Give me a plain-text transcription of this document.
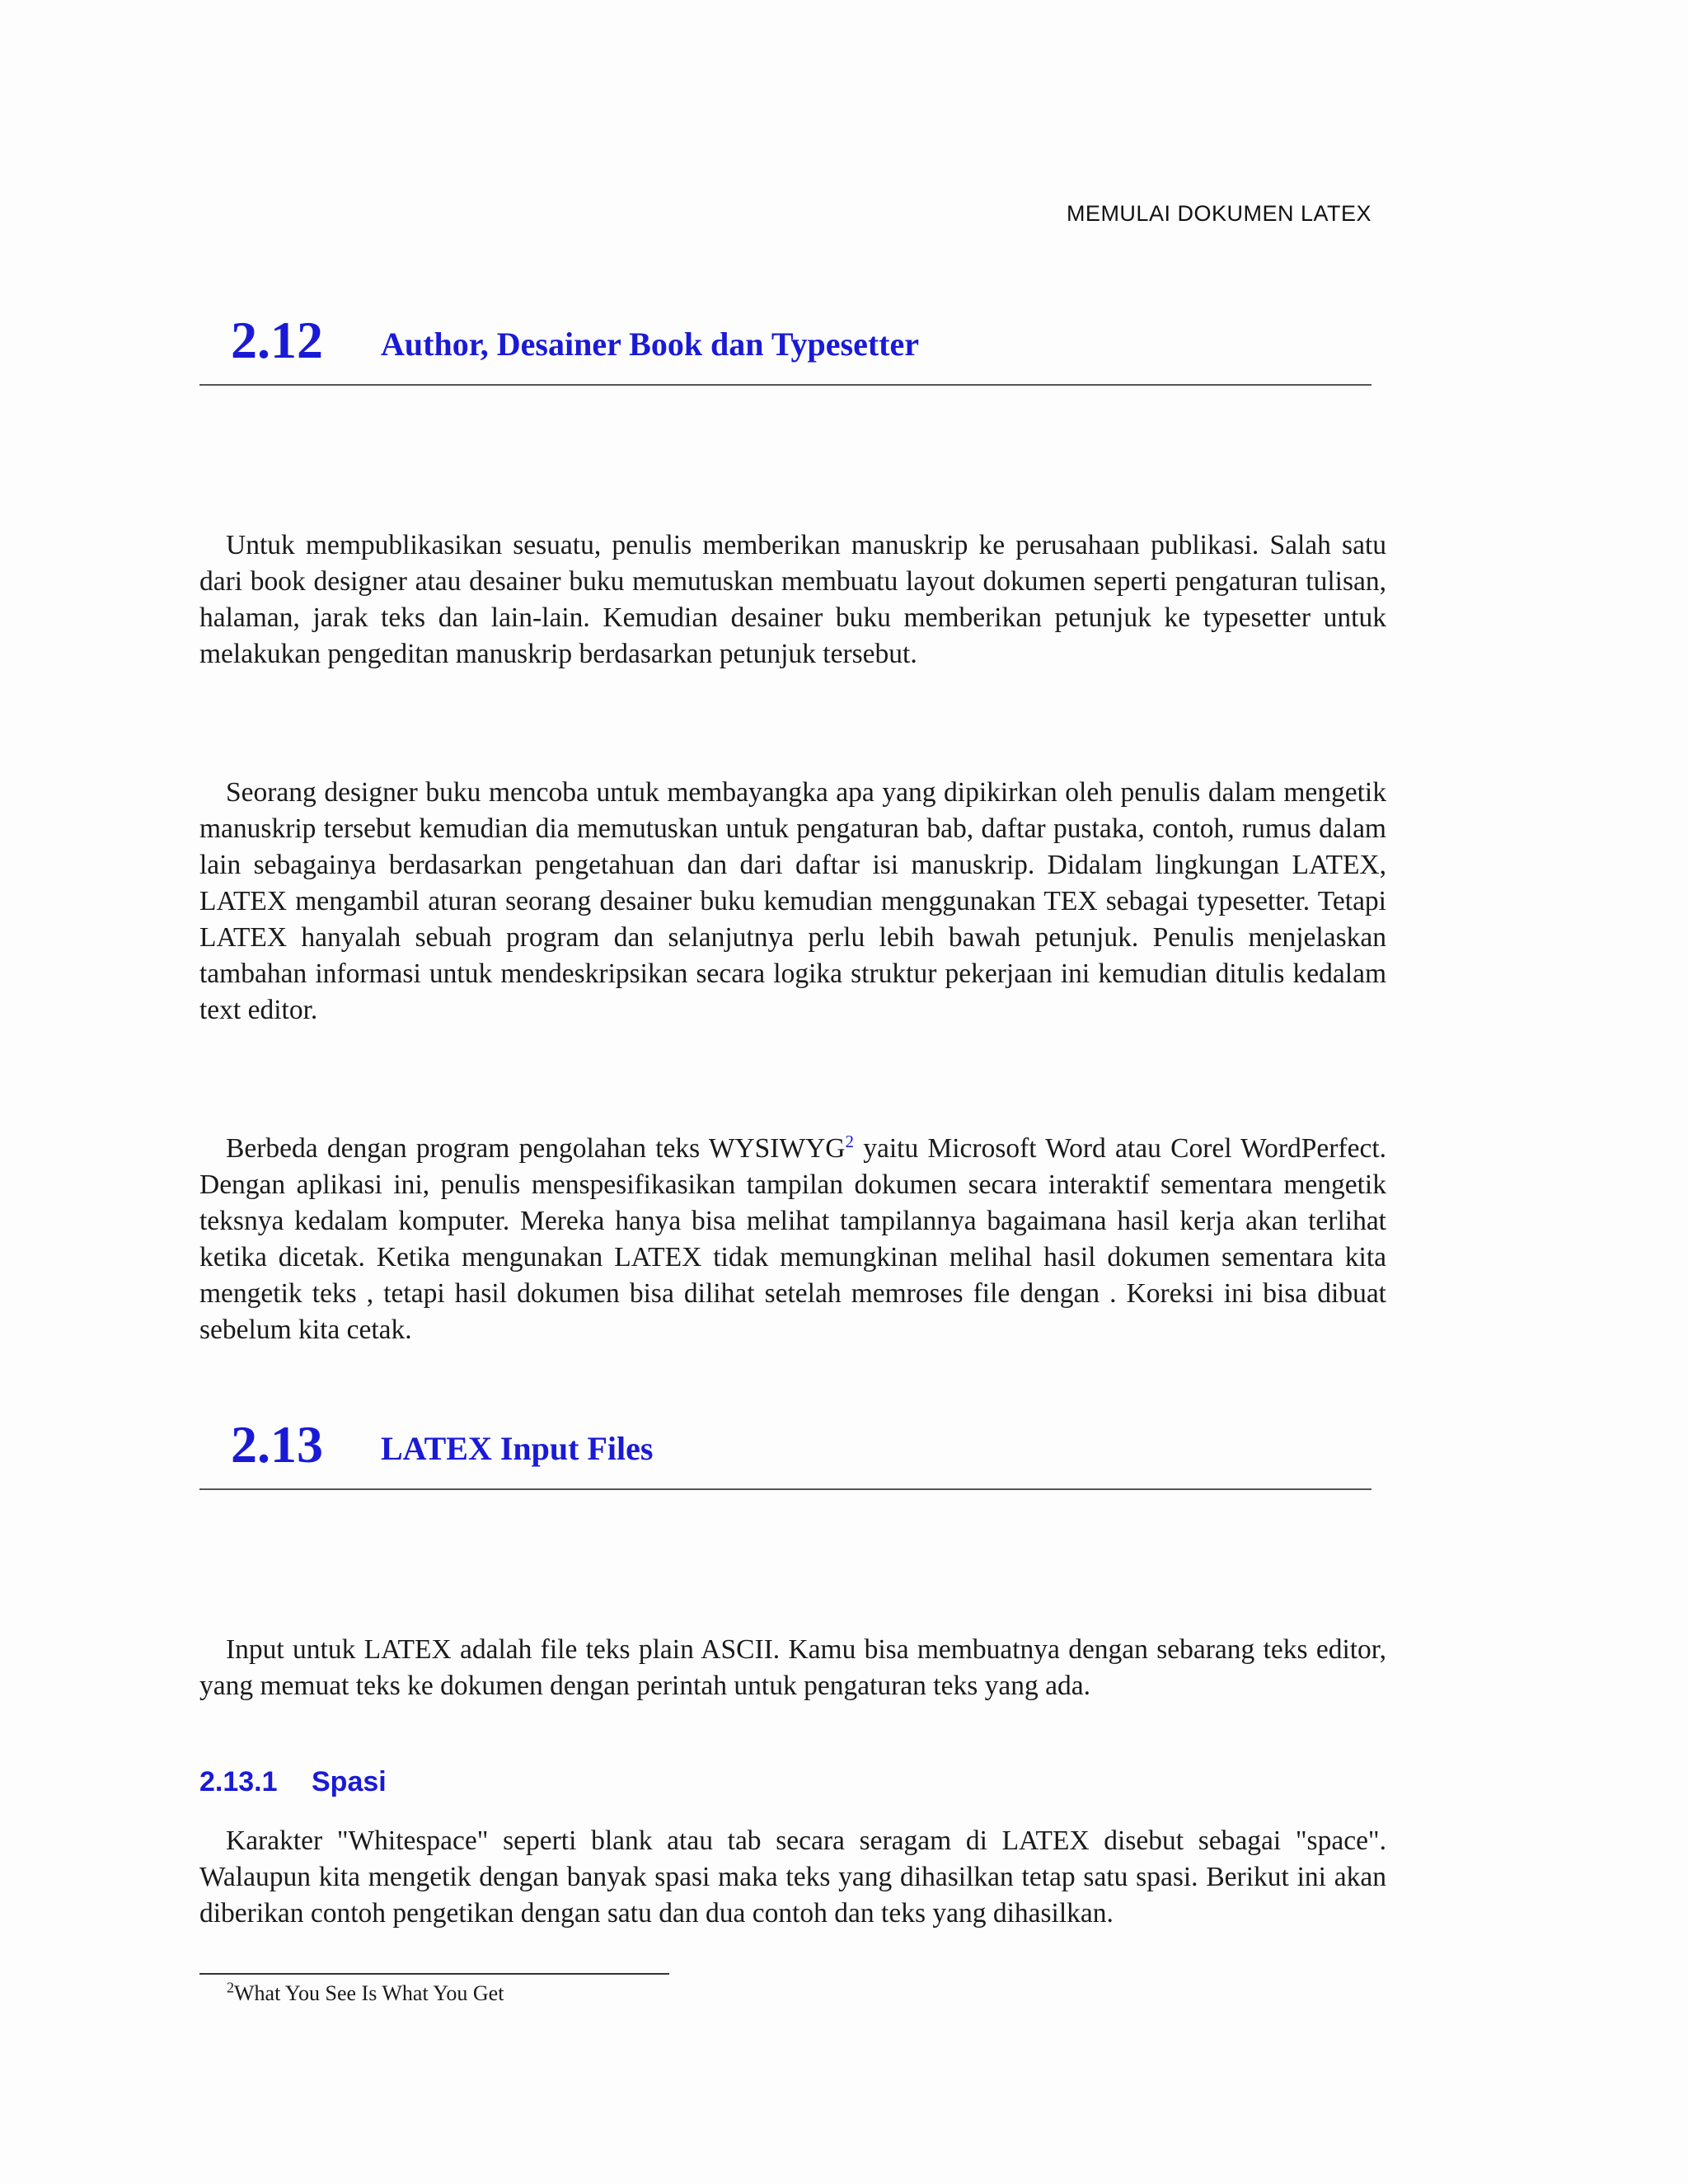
MEMULAI DOKUMEN LATEX
2.12 Author, Desainer Book dan Typesetter

Untuk mempublikasikan sesuatu, penulis memberikan manuskrip ke perusahaan publikasi. Salah satu dari book designer atau desainer buku memutuskan membuatu layout dokumen seperti pengaturan tulisan, halaman, jarak teks dan lain-lain. Kemudian desainer buku memberikan petunjuk ke typesetter untuk melakukan pengeditan manuskrip berdasarkan petunjuk tersebut.

Seorang designer buku mencoba untuk membayangka apa yang dipikirkan oleh penulis dalam mengetik manuskrip tersebut kemudian dia memutuskan untuk pengaturan bab, daftar pustaka, contoh, rumus dalam lain sebagainya berdasarkan pengetahuan dan dari daftar isi manuskrip. Didalam lingkungan LATEX, LATEX mengambil aturan seorang desainer buku kemudian menggunakan TEX sebagai typesetter. Tetapi LATEX hanyalah sebuah program dan selanjutnya perlu lebih bawah petunjuk. Penulis menjelaskan tambahan informasi untuk mendeskripsikan secara logika struktur pekerjaan ini kemudian ditulis kedalam text editor.

Berbeda dengan program pengolahan teks WYSIWYG$^2$ yaitu Microsoft Word atau Corel WordPerfect. Dengan aplikasi ini, penulis menspesifikasikan tampilan dokumen secara interaktif sementara mengetik teksnya kedalam komputer. Mereka hanya bisa melihat tampilannya bagaimana hasil kerja akan terlihat ketika dicetak. Ketika mengunakan LATEX tidak memungkinan melihal hasil dokumen sementara kita mengetik teks , tetapi hasil dokumen bisa dilihat setelah memroses file dengan . Koreksi ini bisa dibuat sebelum kita cetak.

2.13 LATEX Input Files

Input untuk LATEX adalah file teks plain ASCII. Kamu bisa membuatnya dengan sebarang teks editor, yang memuat teks ke dokumen dengan perintah untuk pengaturan teks yang ada.

2.13.1 Spasi

Karakter "Whitespace" seperti blank atau tab secara seragam di LATEX disebut sebagai "space". Walaupun kita mengetik dengan banyak spasi maka teks yang dihasilkan tetap satu spasi. Berikut ini akan diberikan contoh pengetikan dengan satu dan dua contoh dan teks yang dihasilkan.

$^2$What You See Is What You Get
